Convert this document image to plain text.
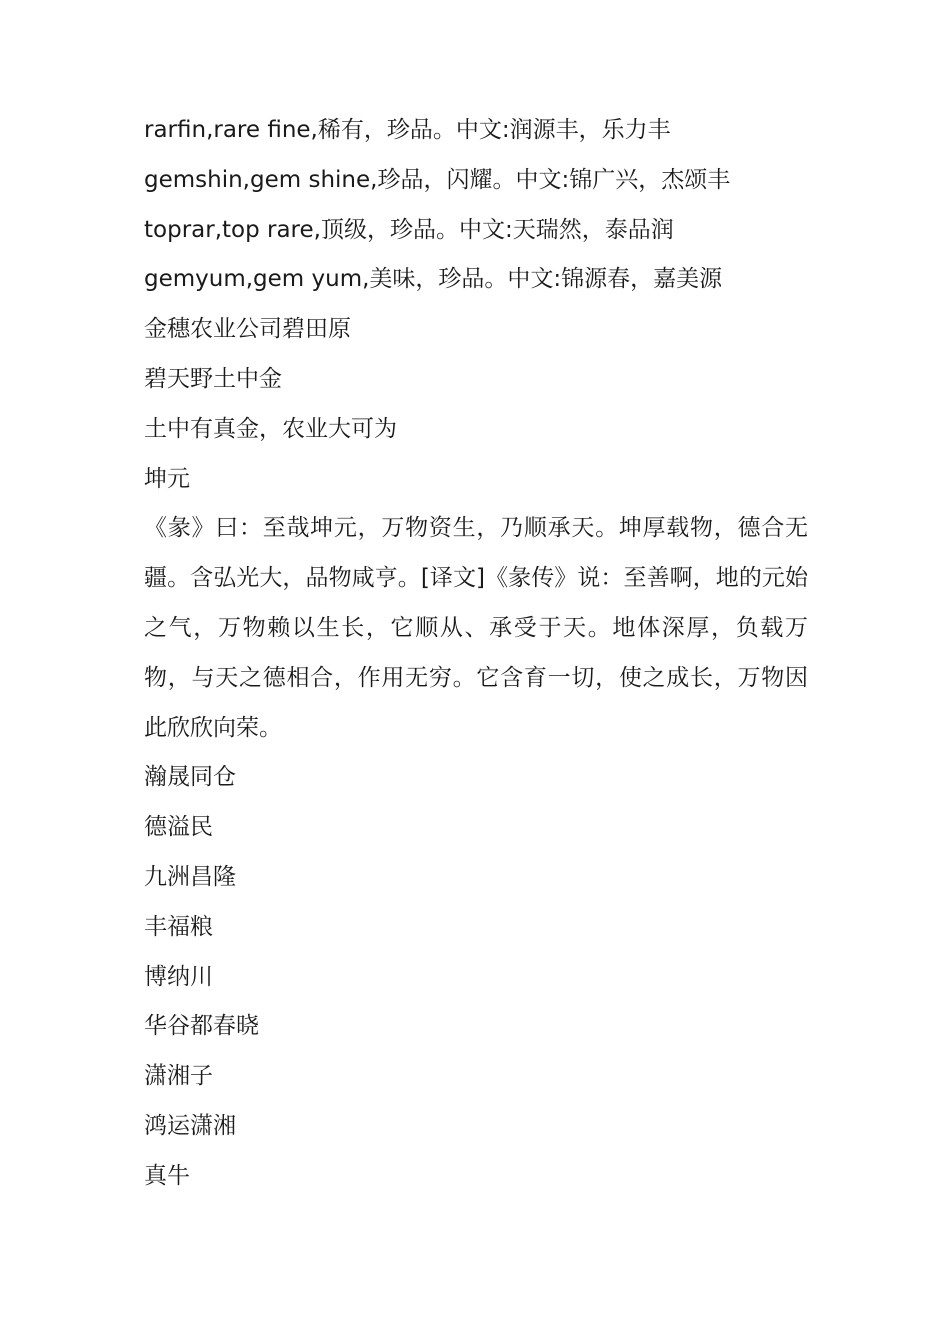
rarfin,rare fine,稀有，珍品。中文:润源丰，乐力丰

gemshin,gem shine,珍品，闪耀。中文:锦广兴，杰颂丰

toprar,top rare,顶级，珍品。中文:天瑞然，泰品润

gemyum,gem yum,美味，珍品。中文:锦源春，嘉美源

金穗农业公司碧田原

碧天野土中金

土中有真金，农业大可为

坤元

《彖》曰：至哉坤元，万物资生，乃顺承天。坤厚载物，德合无疆。含弘光大，品物咸亨。[译文]《彖传》说：至善啊，地的元始之气，万物赖以生长，它顺从、承受于天。地体深厚，负载万物，与天之德相合，作用无穷。它含育一切，使之成长，万物因此欣欣向荣。

瀚晟同仓

德溢民

九洲昌隆

丰福粮

博纳川

华谷都春晓

潇湘子

鸿运潇湘

真牛
